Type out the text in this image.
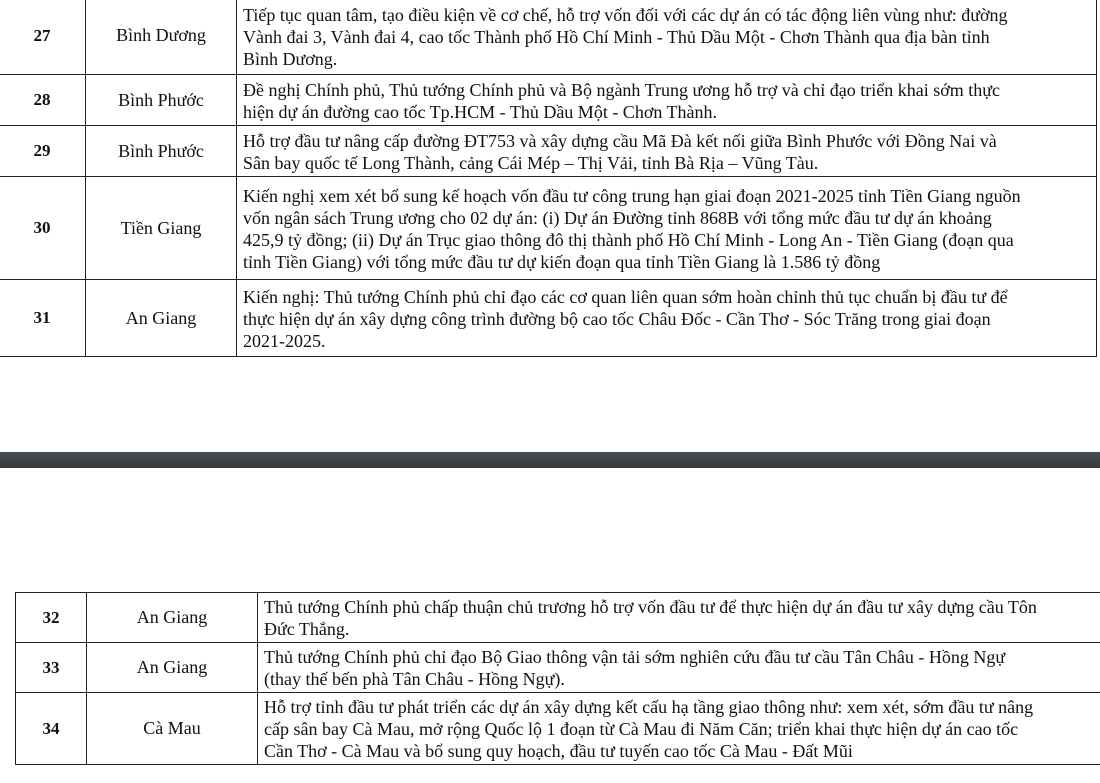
27	Bình Dương	Tiếp tục quan tâm, tạo điều kiện về cơ chế, hỗ trợ vốn đối với các dự án có tác động liên vùng như: đường
Vành đai 3, Vành đai 4, cao tốc Thành phố Hồ Chí Minh - Thủ Dầu Một - Chơn Thành qua địa bàn tỉnh
Bình Dương.

28	Bình Phước	Đề nghị Chính phủ, Thủ tướng Chính phủ và Bộ ngành Trung ương hỗ trợ và chỉ đạo triển khai sớm thực
hiện dự án đường cao tốc Tp.HCM - Thủ Dầu Một - Chơn Thành.

29	Bình Phước	Hỗ trợ đầu tư nâng cấp đường ĐT753 và xây dựng cầu Mã Đà kết nối giữa Bình Phước với Đồng Nai và
Sân bay quốc tế Long Thành, cảng Cái Mép – Thị Vải, tỉnh Bà Rịa – Vũng Tàu.

30	Tiền Giang	Kiến nghị xem xét bổ sung kế hoạch vốn đầu tư công trung hạn giai đoạn 2021-2025 tỉnh Tiền Giang nguồn
vốn ngân sách Trung ương cho 02 dự án: (i) Dự án Đường tỉnh 868B với tổng mức đầu tư dự án khoảng
425,9 tỷ đồng; (ii) Dự án Trục giao thông đô thị thành phố Hồ Chí Minh - Long An - Tiền Giang (đoạn qua
tỉnh Tiền Giang) với tổng mức đầu tư dự kiến đoạn qua tỉnh Tiền Giang là 1.586 tỷ đồng

31	An Giang	Kiến nghị: Thủ tướng Chính phủ chỉ đạo các cơ quan liên quan sớm hoàn chỉnh thủ tục chuẩn bị đầu tư để
thực hiện dự án xây dựng công trình đường bộ cao tốc Châu Đốc - Cần Thơ - Sóc Trăng trong giai đoạn
2021-2025.
32	An Giang	Thủ tướng Chính phủ chấp thuận chủ trương hỗ trợ vốn đầu tư để thực hiện dự án đầu tư xây dựng cầu Tôn
Đức Thắng.

33	An Giang	Thủ tướng Chính phủ chỉ đạo Bộ Giao thông vận tải sớm nghiên cứu đầu tư cầu Tân Châu - Hồng Ngự
(thay thế bến phà Tân Châu - Hồng Ngự).

34	Cà Mau	Hỗ trợ tỉnh đầu tư phát triển các dự án xây dựng kết cấu hạ tầng giao thông như: xem xét, sớm đầu tư nâng
cấp sân bay Cà Mau, mở rộng Quốc lộ 1 đoạn từ Cà Mau đi Năm Căn; triển khai thực hiện dự án cao tốc
Cần Thơ - Cà Mau và bổ sung quy hoạch, đầu tư tuyến cao tốc Cà Mau - Đất Mũi
